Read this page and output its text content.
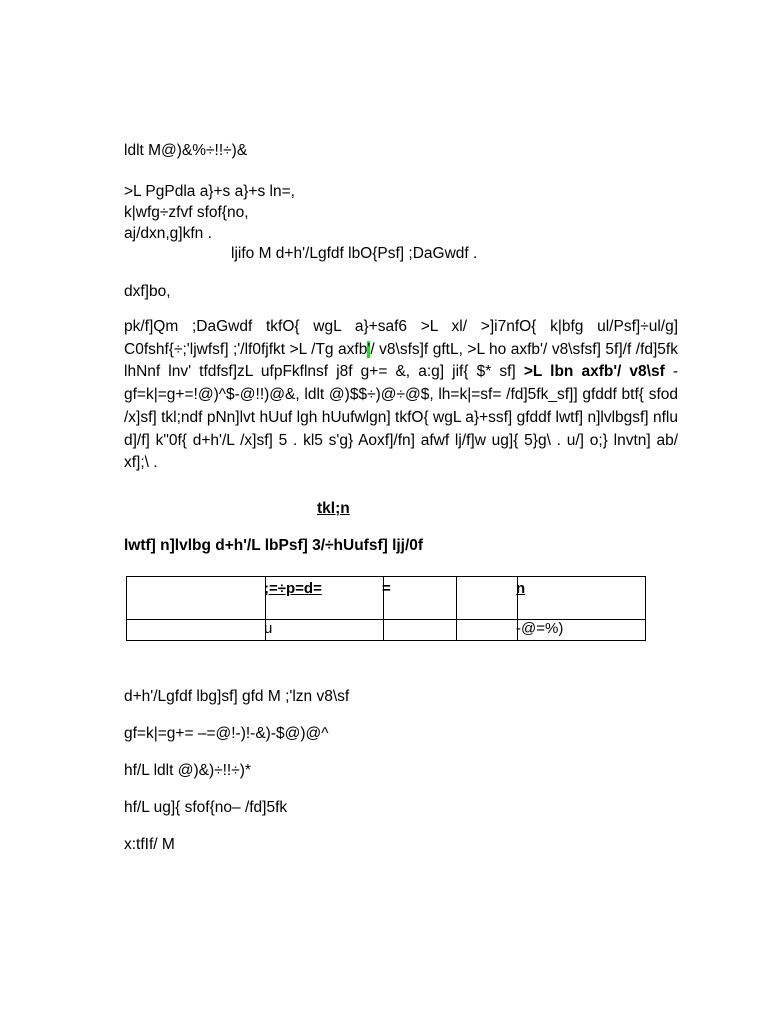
ldlt M@)&%÷!!÷)&
>L PgPdla a}+s a}+s ln=,
k|wfg÷zfvf sfof{no,
aj/dxn,g]kfn .
ljifo M d+h'/Lgfdf lbO{Psf] ;DaGwdf .
dxf]bo,
pk/f]Qm ;DaGwdf tkfO{ wgL a}+saf6 >L xl/ >]i7nfO{ k|bfg ul/Psf]÷ul/g] C0fshf{÷;'ljwfsf] ;'/lf0fjfkt >L /Tg axfb'/ v8\sfs]f gftL, >L ho axfb'/ v8\sfsf] 5f]/f /fd]5fk lhNnf lnv' tfdfsf]zL ufpFkflnsf j8f g+= &, a:g] jif{ $* sf] >L lbn axfb'/ v8\sf -gf=k|=g+=!@)^$-@!!)@&, ldlt @)$$÷)@÷@$, lh=k|=sf= /fd]5fk_sf]] gfddf btf{ sfod /x]sf] tkl;ndf pNn]lvt hUuf lgh hUufwlgn] tkfO{ wgL a}+ssf] gfddf lwtf] n]lvlbgsf] nflu d]/f] k"0f{ d+h'/L /x]sf] 5 . kl5 s'g} Aoxf]/fn] afwf lj/f]w ug]{ 5}g\ . u/] o;} lnvtn] ab/ xf];\ .
tkl;n
lwtf] n]lvlbg d+h'/L lbPsf] 3/÷hUufsf] ljj/0f

	;=÷p=d=	=		n

	u			-@=%)
d+h'/Lgfdf lbg]sf] gfd M ;'lzn v8\sf
gf=k|=g+= –=@!-)!-&)-$@)@^
hf/L ldlt @)&)÷!!÷)*
hf/L ug]{ sfof{no– /fd]5fk
x:tfIf/ M
